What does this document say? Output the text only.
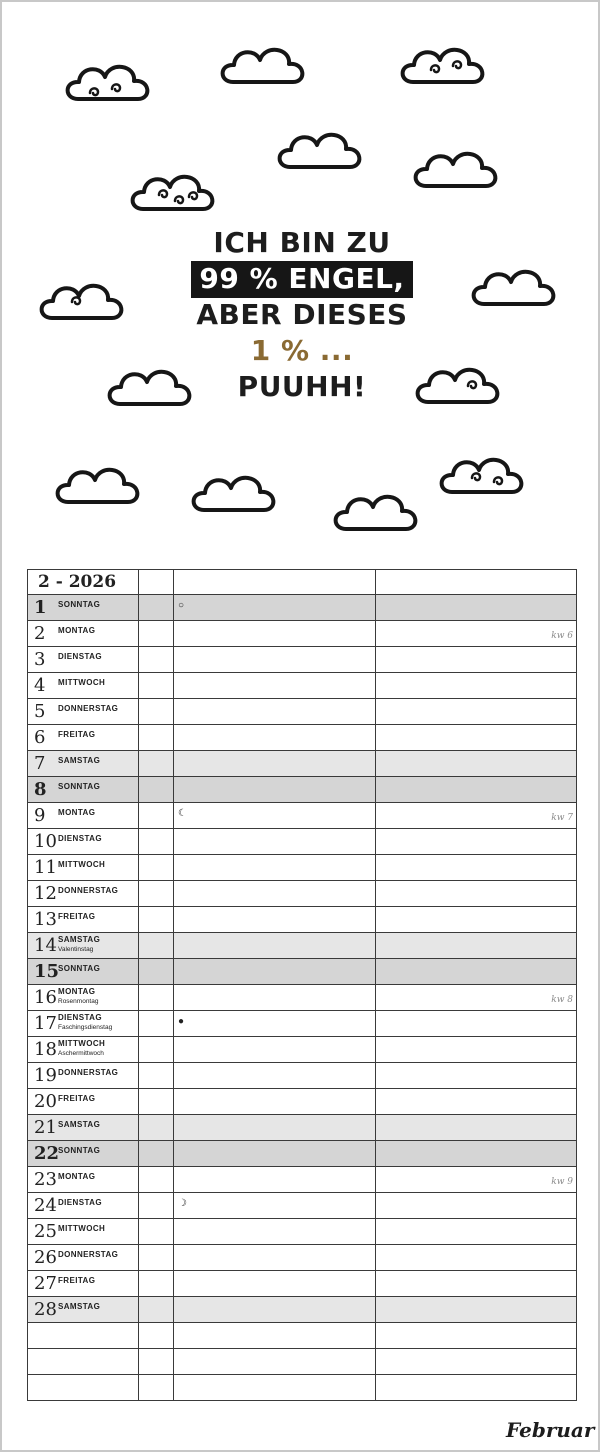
ICH BIN ZU
99 % ENGEL,
ABER DIESES
1 % ...
PUUHH!
2 - 2026			

1 SONNTAG		○	

2 MONTAG			kw 6

3 DIENSTAG			

4 MITTWOCH			

5 DONNERSTAG			

6 FREITAG			

7 SAMSTAG			

8 SONNTAG			

9 MONTAG		☾	kw 7

10 DIENSTAG			

11 MITTWOCH			

12 DONNERSTAG			

13 FREITAG			

14 SAMSTAG
Valentinstag			

15
SONNTAG			

16 MONTAG
Rosenmontag			kw 8

17 DIENSTAG
Faschingsdienstag		●	

18 MITTWOCH
Aschermittwoch			

19 DONNERSTAG			

20 FREITAG			

21 SAMSTAG			

22
SONNTAG			

23 MONTAG			kw 9

24 DIENSTAG		☽	

25 MITTWOCH			

26 DONNERSTAG			

27 FREITAG			

28 SAMSTAG			

Februar
